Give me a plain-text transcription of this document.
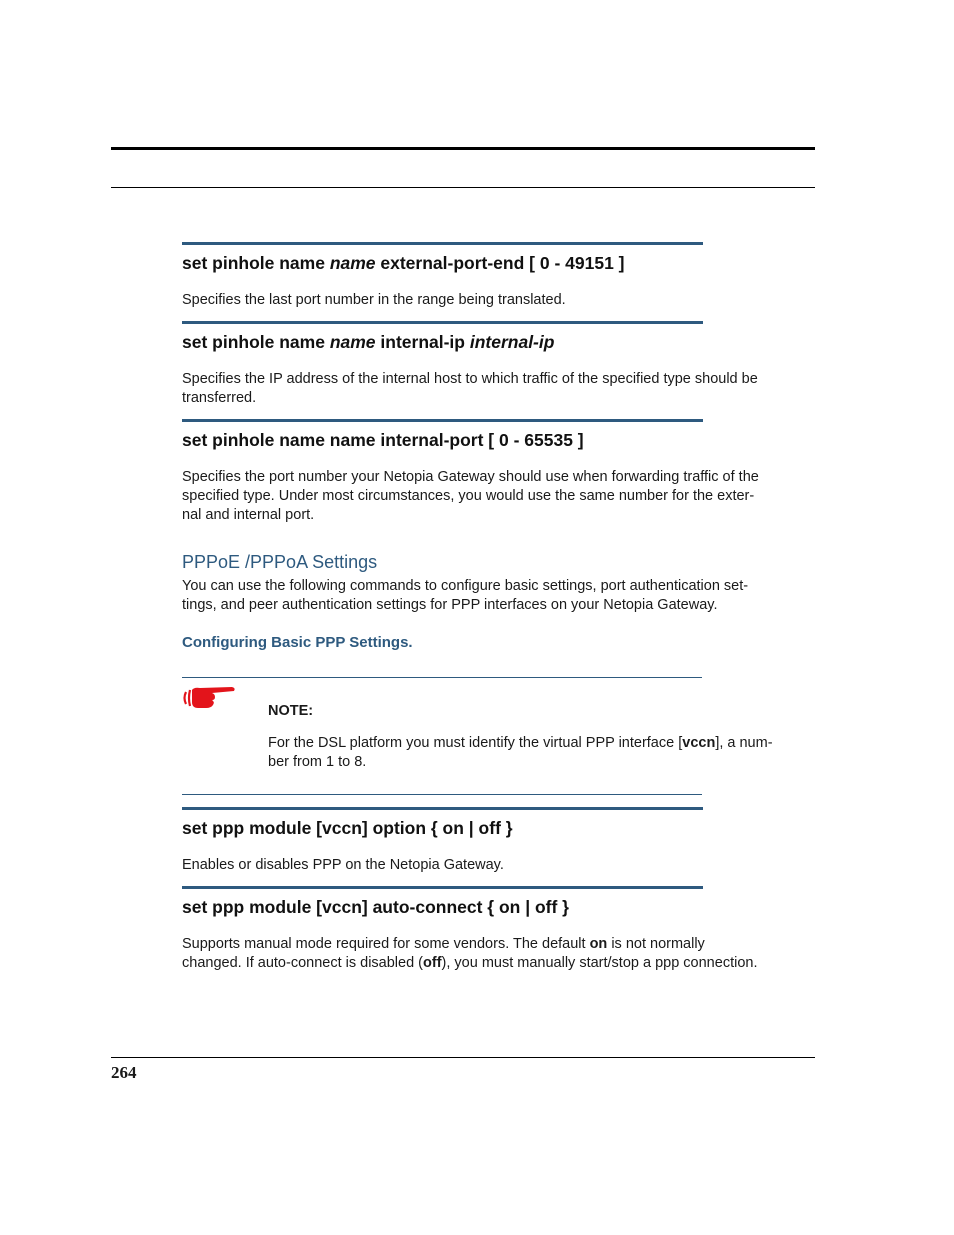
set pinhole name name external-port-end [ 0 - 49151 ]
Specifies the last port number in the range being translated.
set pinhole name name internal-ip internal-ip
Specifies the IP address of the internal host to which traffic of the specified type should be
transferred.
set pinhole name name internal-port [ 0 - 65535 ]
Specifies the port number your Netopia Gateway should use when forwarding traffic of the
specified type. Under most circumstances, you would use the same number for the exter-
nal and internal port.
PPPoE /PPPoA Settings
You can use the following commands to configure basic settings, port authentication set-
tings, and peer authentication settings for PPP interfaces on your Netopia Gateway.
Configuring Basic PPP Settings.
NOTE:
For the DSL platform you must identify the virtual PPP interface [vccn], a num-
ber from 1 to 8.
set ppp module [vccn] option { on | off }
Enables or disables PPP on the Netopia Gateway.
set ppp module [vccn] auto-connect { on | off }
Supports manual mode required for some vendors. The default on is not normally
changed. If auto-connect is disabled (off), you must manually start/stop a ppp connection.
264
